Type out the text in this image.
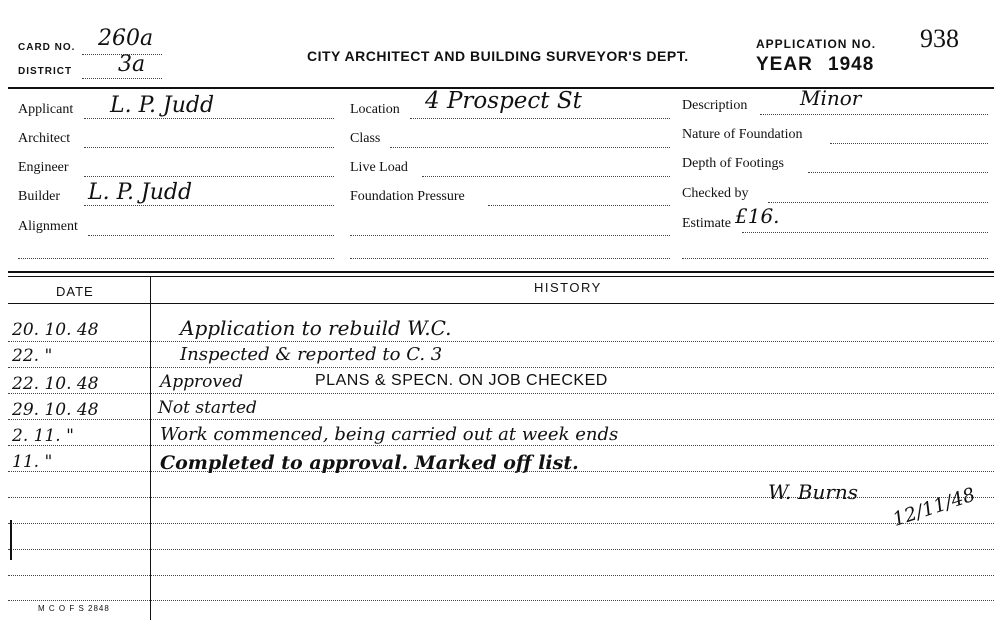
CARD NO. 260a
DISTRICT 3a	CITY ARCHITECT AND BUILDING SURVEYOR'S DEPT.
APPLICATION NO. 938
YEAR 1948
Applicant L. P. Judd
Architect
Engineer
Builder L. P. Judd
Alignment
Location 4 Prospect St
Class
Live Load
Foundation Pressure
Description	Minor
Nature of Foundation
Depth of Footings
Checked by
Estimate £16.
DATE	HISTORY
20. 10. 48	Application to rebuild W.C.
22. "	Inspected & reported to C. 3
22. 10. 48	Approved
29. 10. 48	Not started
2. 11. "	Work commenced, being carried out at week ends
11. "	Completed to approval. Marked off list.
PLANS & SPECN. ON JOB CHECKED
W. Burns 12/11/48
M C O F S 2848
